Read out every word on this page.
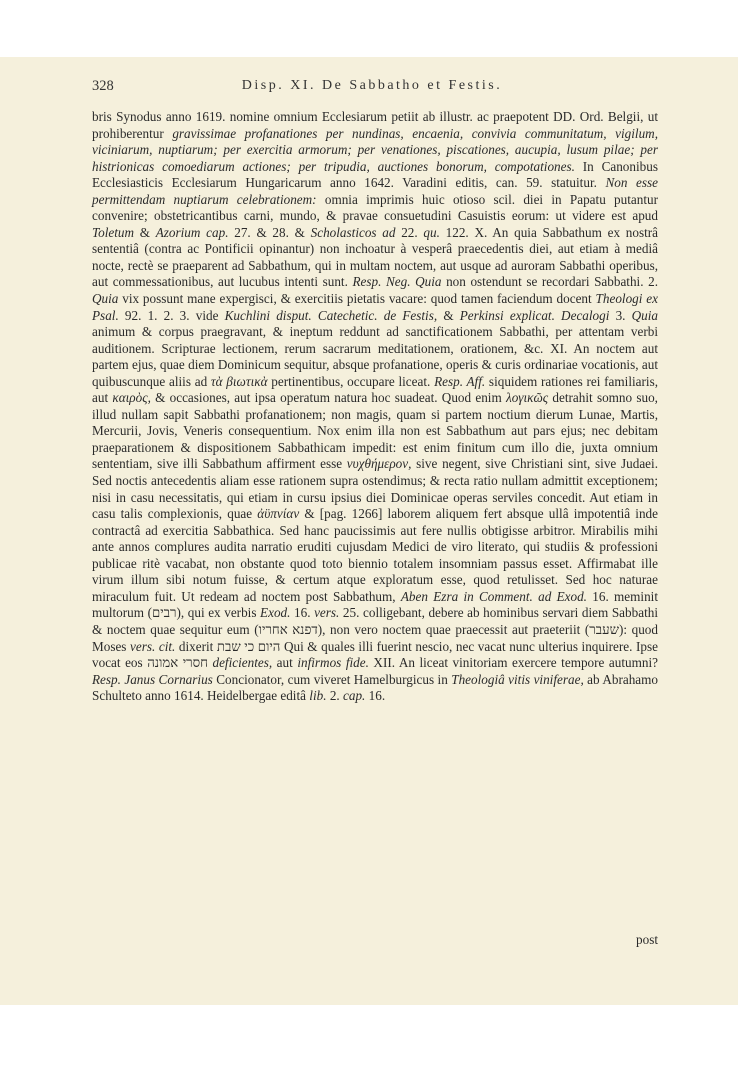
328	Disp. XI. De Sabbatho et Festis.
bris Synodus anno 1619. nomine omnium Ecclesiarum petiit ab illustr. ac praepotent DD. Ord. Belgii, ut prohiberentur gravissimae profanationes per nundinas, encaenia, convivia communitatum, vigilum, viciniarum, nuptiarum; per exercitia armorum; per venationes, piscationes, aucupia, lusum pilae; per histrionicas comoediarum actiones; per tripudia, auctiones bonorum, compotationes. In Canonibus Ecclesiasticis Ecclesiarum Hungaricarum anno 1642. Varadini editis, can. 59. statuitur. Non esse permittendam nuptiarum celebrationem: omnia imprimis huic otioso scil. diei in Papatu putantur convenire; obstetricantibus carni, mundo, & pravae consuetudini Casuistis eorum: ut videre est apud Toletum & Azorium cap. 27. & 28. & Scholasticos ad 22. qu. 122. X. An quia Sabbathum ex nostrâ sententiâ (contra ac Pontificii opinantur) non inchoatur à vesperâ praecedentis diei, aut etiam à mediâ nocte, rectè se praeparent ad Sabbathum, qui in multam noctem, aut usque ad auroram Sabbathi operibus, aut commessationibus, aut lucubus intenti sunt. Resp. Neg. Quia non ostendunt se recordari Sabbathi. 2. Quia vix possunt mane expergisci, & exercitiis pietatis vacare: quod tamen faciendum docent Theologi ex Psal. 92. 1. 2. 3. vide Kuchlini disput. Catechetic. de Festis, & Perkinsi explicat. Decalogi 3. Quia animum & corpus praegravant, & ineptum reddunt ad sanctificationem Sabbathi, per attentam verbi auditionem. Scripturae lectionem, rerum sacrarum meditationem, orationem, &c. XI. An noctem aut partem ejus, quae diem Dominicum sequitur, absque profanatione, operis & curis ordinariae vocationis, aut quibuscunque aliis ad τὰ βιωτικὰ pertinentibus, occupare liceat. Resp. Aff. siquidem rationes rei familiaris, aut καιρὸς, & occasiones, aut ipsa operatum natura hoc suadeat. Quod enim λογικῶς detrahit somno suo, illud nullam sapit Sabbathi profanationem; non magis, quam si partem noctium dierum Lunae, Martis, Mercurii, Jovis, Veneris consequentium. Nox enim illa non est Sabbathum aut pars ejus; nec debitam praeparationem & dispositionem Sabbathicam impedit: est enim finitum cum illo die, juxta omnium sententiam, sive illi Sabbathum affirment esse νυχθήμερον, sive negent, sive Christiani sint, sive Judaei. Sed noctis antecedentis aliam esse rationem supra ostendimus; & recta ratio nullam admittit exceptionem; nisi in casu necessitatis, qui etiam in cursu ipsius diei Dominicae operas serviles concedit. Aut etiam in casu talis complexionis, quae ἀϋπνίαν & [pag. 1266] laborem aliquem fert absque ullâ impotentiâ inde contractâ ad exercitia Sabbathica. Sed hanc paucissimis aut fere nullis obtigisse arbitror. Mirabilis mihi ante annos complures audita narratio eruditi cujusdam Medici de viro literato, qui studiis & professioni publicae ritè vacabat, non obstante quod toto biennio totalem insomniam passus esset. Affirmabat ille virum illum sibi notum fuisse, & certum atque exploratum esse, quod retulisset. Sed hoc naturae miraculum fuit. Ut redeam ad noctem post Sabbathum, Aben Ezra in Comment. ad Exod. 16. meminit multorum (רבים), qui ex verbis Exod. 16. vers. 25. colligebant, debere ab hominibus servari diem Sabbathi & noctem quae sequitur eum (דפנא אחריו), non vero noctem quae praecessit aut praeteriit (שעבר): quod Moses vers. cit. dixerit היום כי שבת Qui & quales illi fuerint nescio, nec vacat nunc ulterius inquirere. Ipse vocat eos חסרי אמונה deficientes, aut infirmos fide. XII. An liceat vinitoriam exercere tempore autumni? Resp. Janus Cornarius Concionator, cum viveret Hamelburgicus in Theologiâ vitis viniferae, ab Abrahamo Schulteto anno 1614. Heidelbergae editâ lib. 2. cap. 16.
post
